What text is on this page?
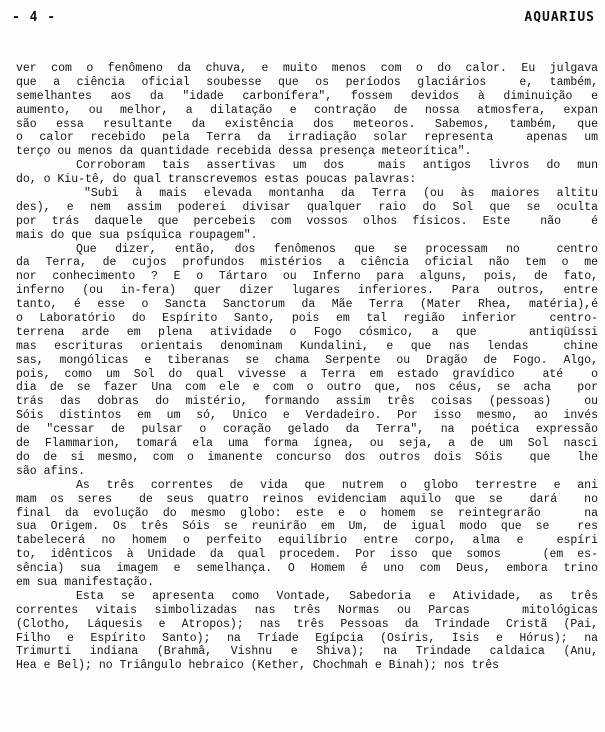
- 4 -	AQUARIUS
ver com o fenômeno da chuva, e muito menos com o do calor. Eu julgava
que a ciência oficial soubesse que os períodos glaciários  e, também,
semelhantes aos da "idade carbonífera", fossem devidos à diminuição e
aumento, ou melhor, a dilatação e contração de nossa atmosfera, expan
são essa resultante da existência dos meteoros. Sabemos, também, que
o calor recebido pela Terra da irradiação solar representa  apenas um
terço ou menos da quantidade recebida dessa presença meteorítica".
Corroboram tais assertivas um dos  mais antigos livros do mun
do, o Kiu-tê, do qual transcrevemos estas poucas palavras:
"Subi à mais elevada montanha da Terra (ou às maiores altitu
des), e nem assim poderei divisar qualquer raio do Sol que se oculta
por trás daquele que percebeis com vossos olhos físicos. Este  não  é
mais do que sua psíquica roupagem".
Que dizer, então, dos fenômenos que se processam no  centro
da Terra, de cujos profundos mistérios a ciência oficial não tem o me
nor conhecimento ? É o Tártaro ou Inferno para alguns, pois, de fato,
inferno (ou in-fera) quer dizer lugares inferiores. Para outros, entre
tanto, é esse o Sancta Sanctorum da Mãe Terra (Mater Rhea, matéria),é
o Laboratório do Espírito Santo, pois em tal região inferior  centro-
terrena arde em plena atividade o Fogo cósmico, a que   antiqüíssi
mas escrituras orientais denominam Kundalini, e que nas lendas  chine
sas, mongólicas e tiberanas se chama Serpente ou Dragão de Fogo. Algo,
pois, como um Sol do qual vivesse a Terra em estado gravídico  até  o
dia de se fazer Una com ele e com o outro que, nos céus, se acha  por
trás das dobras do mistério, formando assim três coisas (pessoas)  ou
Sóis distintos em um só, Único e Verdadeiro. Por isso mesmo, ao invés
de "cessar de pulsar o coração gelado da Terra", na poética expressão
de Flammarion, tomará ela uma forma ígnea, ou seja, a de um Sol nasci
do de si mesmo, com o imanente concurso dos outros dois Sóis  que  lhe
são afins.
As três correntes de vida que nutrem o globo terrestre e ani
mam os seres  de seus quatro reinos evidenciam aquilo que se  dará  no
final da evolução do mesmo globo: este e o homem se reintegrarão   na
sua Origem. Os três Sóis se reunirão em Um, de igual modo que se  res
tabelecerá no homem o perfeito equilíbrio entre corpo, alma e  espíri
to, idênticos à Unidade da qual procedem. Por isso que somos   (em es-
sência) sua imagem e semelhança. O Homem é uno com Deus, embora trino
em sua manifestação.
Esta se apresenta como Vontade, Sabedoria e Atividade, as três
correntes vitais simbolizadas nas três Normas ou Parcas   mitológicas
(Clotho, Láquesis e Átropos); nas três Pessoas da Trindade Cristã (Pai,
Filho e Espírito Santo); na Tríade Egípcia (Osíris, Ísis e Hórus); na
Trimurti indiana (Brahmâ, Vishnu e Shiva); na Trindade caldaica (Anu,
Hea e Bel); no Triângulo hebraico (Kether, Chochmah e Binah); nos três
